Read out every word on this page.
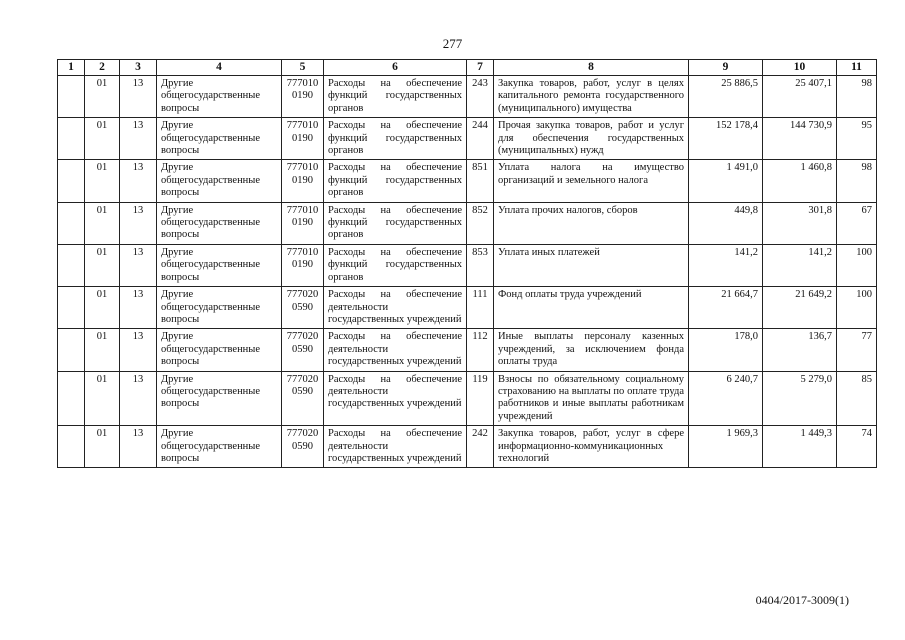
277
1	2	3	4	5	6	7	8	9	10	11
	01	13	Другие общегосударственные вопросы	777010 0190	Расходы на обеспечение функций государственных органов	243	Закупка товаров, работ, услуг в целях капитального ремонта государственного (муниципального) имущества	25 886,5	25 407,1	98
	01	13	Другие общегосударственные вопросы	777010 0190	Расходы на обеспечение функций государственных органов	244	Прочая закупка товаров, работ и услуг для обеспечения государственных (муниципальных) нужд	152 178,4	144 730,9	95
	01	13	Другие общегосударственные вопросы	777010 0190	Расходы на обеспечение функций государственных органов	851	Уплата налога на имущество организаций и земельного налога	1 491,0	1 460,8	98
	01	13	Другие общегосударственные вопросы	777010 0190	Расходы на обеспечение функций государственных органов	852	Уплата прочих налогов, сборов	449,8	301,8	67
	01	13	Другие общегосударственные вопросы	777010 0190	Расходы на обеспечение функций государственных органов	853	Уплата иных платежей	141,2	141,2	100
	01	13	Другие общегосударственные вопросы	777020 0590	Расходы на обеспечение деятельности государственных учреждений	111	Фонд оплаты труда учреждений	21 664,7	21 649,2	100
	01	13	Другие общегосударственные вопросы	777020 0590	Расходы на обеспечение деятельности государственных учреждений	112	Иные выплаты персоналу казенных учреждений, за исключением фонда оплаты труда	178,0	136,7	77
	01	13	Другие общегосударственные вопросы	777020 0590	Расходы на обеспечение деятельности государственных учреждений	119	Взносы по обязательному социальному страхованию на выплаты по оплате труда работников и иные выплаты работникам учреждений	6 240,7	5 279,0	85
	01	13	Другие общегосударственные вопросы	777020 0590	Расходы на обеспечение деятельности государственных учреждений	242	Закупка товаров, работ, услуг в сфере информационно-коммуникационных технологий	1 969,3	1 449,3	74
0404/2017-3009(1)
